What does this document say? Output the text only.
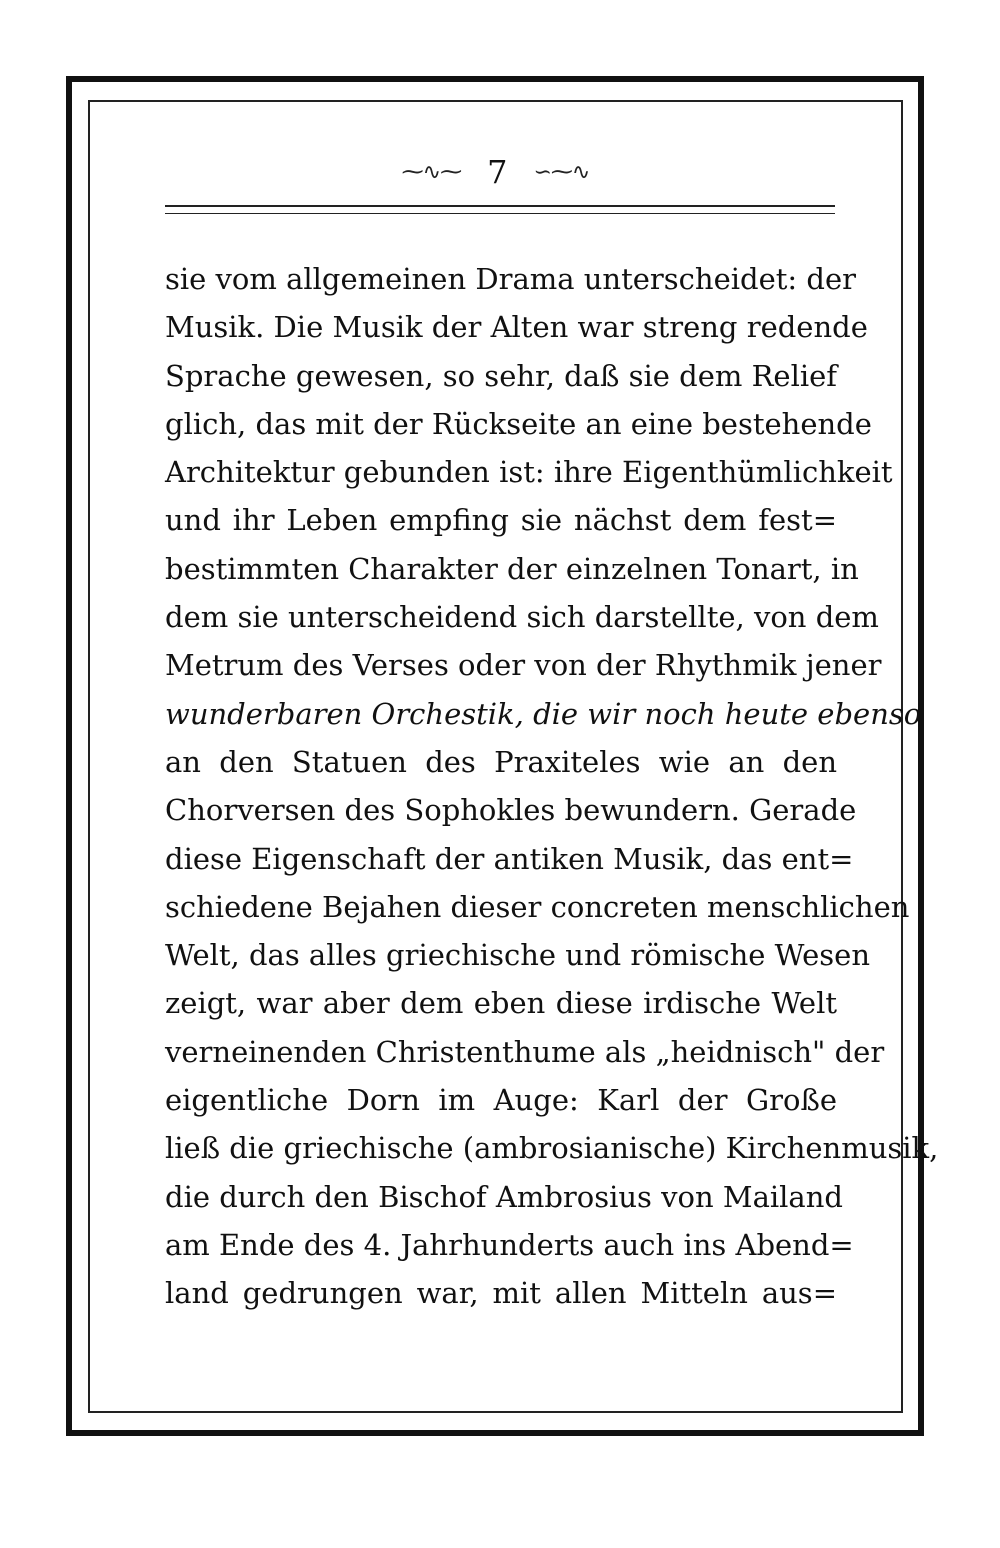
⁓∿⁓ 7 ∽⁓∿
sie vom allgemeinen Drama unterscheidet: der
Musik. Die Musik der Alten war streng redende
Sprache gewesen, so sehr, daß sie dem Relief
glich, das mit der Rückseite an eine bestehende
Architektur gebunden ist: ihre Eigenthümlichkeit
und ihr Leben empfing sie nächst dem fest=
bestimmten Charakter der einzelnen Tonart, in
dem sie unterscheidend sich darstellte, von dem
Metrum des Verses oder von der Rhythmik jener
wunderbaren Orchestik, die wir noch heute ebenso
an den Statuen des Praxiteles wie an den
Chorversen des Sophokles bewundern. Gerade
diese Eigenschaft der antiken Musik, das ent=
schiedene Bejahen dieser concreten menschlichen
Welt, das alles griechische und römische Wesen
zeigt, war aber dem eben diese irdische Welt
verneinenden Christenthume als „heidnisch" der
eigentliche Dorn im Auge: Karl der Große
ließ die griechische (ambrosianische) Kirchenmusik,
die durch den Bischof Ambrosius von Mailand
am Ende des 4. Jahrhunderts auch ins Abend=
land gedrungen war, mit allen Mitteln aus=
